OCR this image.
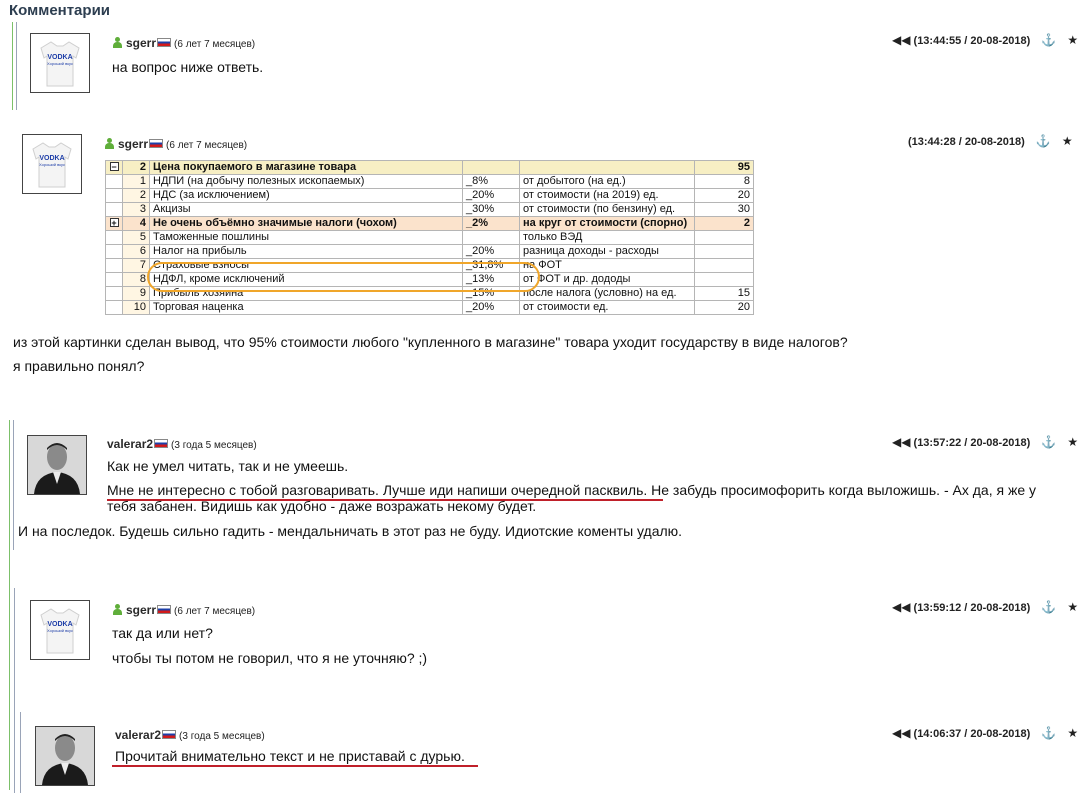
Комментарии
VODKA
Хороший вкус
sgerr (6 лет 7 месяцев)	◀◀ (13:44:55 / 20-08-2018) ⚓ ★
на вопрос ниже ответь.
VODKA
Хороший вкус
sgerr (6 лет 7 месяцев)	(13:44:28 / 20-08-2018) ⚓ ★
−	2	Цена покупаемого в магазине товара			95
	1	НДПИ (на добычу полезных ископаемых)	_8%	от добытого (на ед.)	8
	2	НДС (за исключением)	_20%	от стоимости (на 2019) ед.	20
	3	Акцизы	_30%	от стоимости (по бензину) ед.	30
+	4	Не очень объёмно значимые налоги (чохом)	_2%	на круг от стоимости (спорно)	2
	5	Таможенные пошлины		только ВЭД	
	6	Налог на прибыль	_20%	разница доходы - расходы	
	7	Страховые взносы	_31,8%	на ФОТ	
	8	НДФЛ, кроме исключений	_13%	от ФОТ и др. дододы	
	9	Прибыль хозяина	_15%	после налога (условно) на ед.	15
	10	Торговая наценка	_20%	от стоимости ед.	20
из этой картинки сделан вывод, что 95% стоимости любого "купленного в магазине" товара уходит государству в виде налогов?
я правильно понял?
valerar2 (3 года 5 месяцев)	◀◀ (13:57:22 / 20-08-2018) ⚓ ★
Как не умел читать, так и не умеешь.
Мне не интересно с тобой разговаривать. Лучше иди напиши очередной пасквиль. Не забудь просимофорить когда выложишь. - Ах да, я же у
тебя забанен. Видишь как удобно - даже возражать некому будет.
И на последок. Будешь сильно гадить - мендальничать в этот раз не буду. Идиотские коменты удалю.
VODKA
Хороший вкус
sgerr (6 лет 7 месяцев)	◀◀ (13:59:12 / 20-08-2018) ⚓ ★
так да или нет?
чтобы ты потом не говорил, что я не уточняю? ;)
valerar2 (3 года 5 месяцев)	◀◀ (14:06:37 / 20-08-2018) ⚓ ★
Прочитай внимательно текст и не приставай с дурью.
